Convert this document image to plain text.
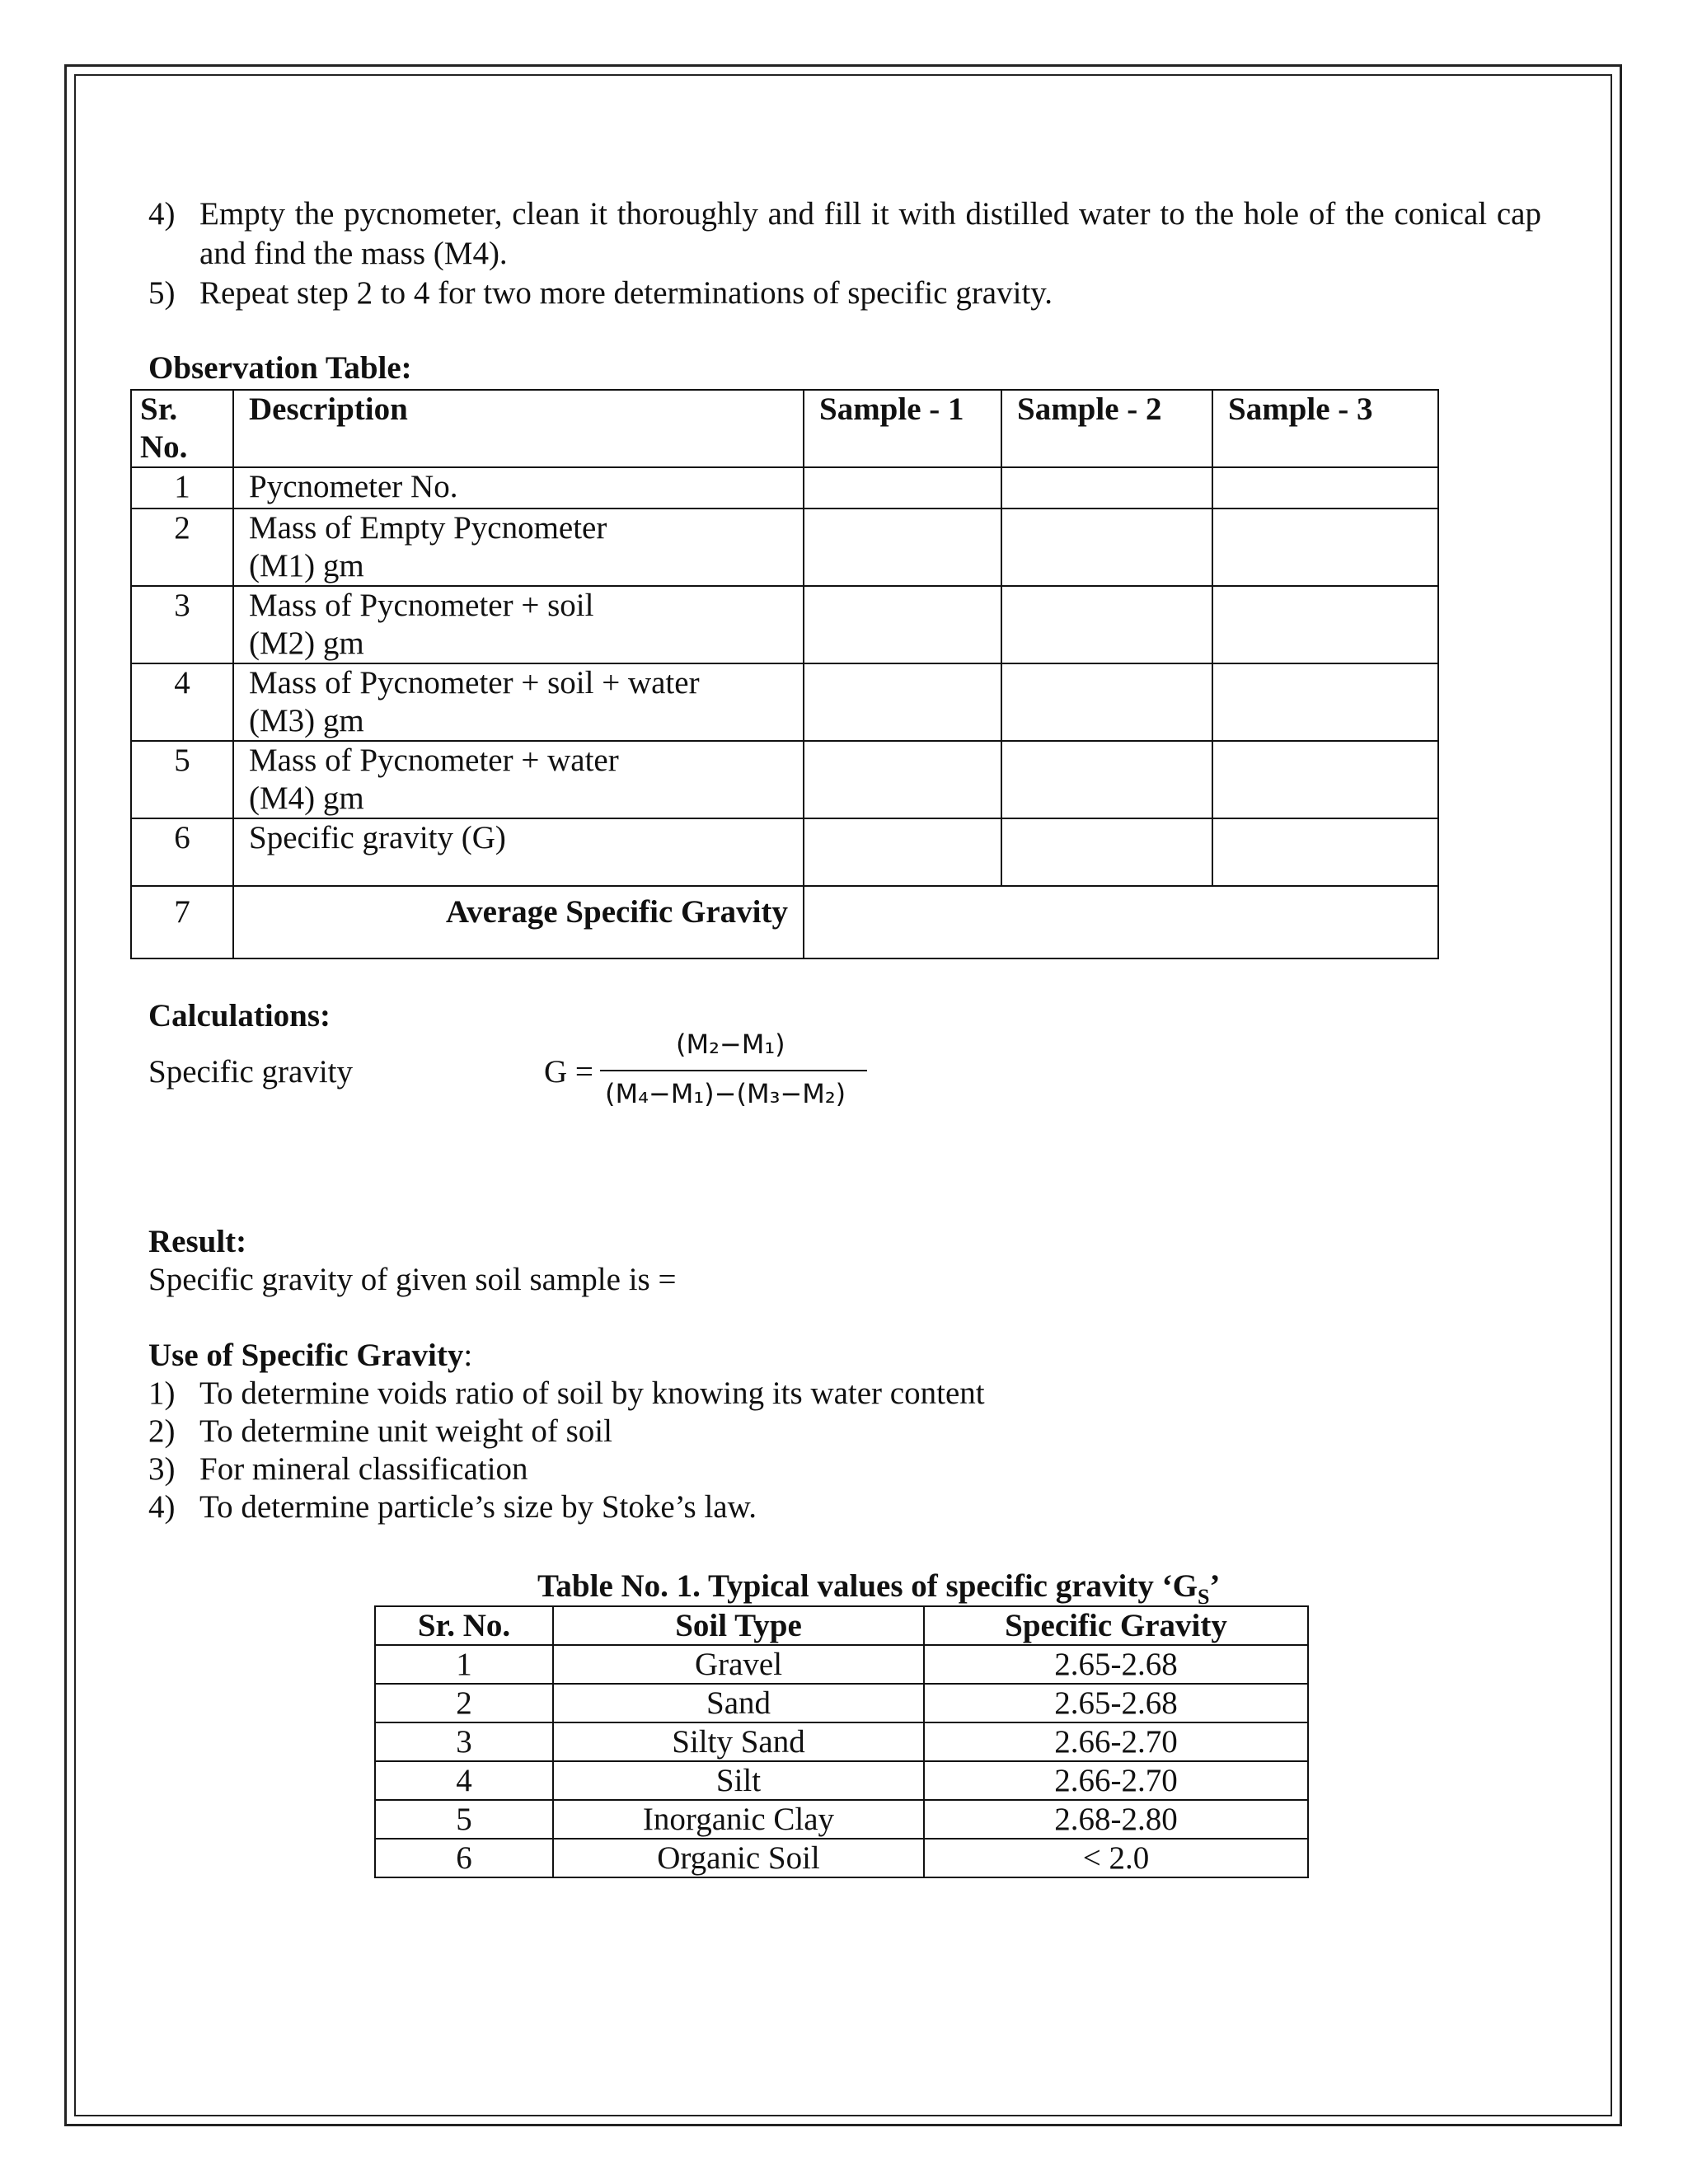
4) Empty the pycnometer, clean it thoroughly and fill it with distilled water to the hole of the conical cap and find the mass (M4).
5) Repeat step 2 to 4 for two more determinations of specific gravity.
Observation Table:
Sr. No.	Description	Sample - 1	Sample - 2	Sample - 3
1	Pycnometer No.			
2	Mass of Empty Pycnometer
(M1) gm			

3	Mass of Pycnometer + soil
(M2) gm			

4	Mass of Pycnometer + soil + water
(M3) gm			

5	Mass of Pycnometer + water
(M4) gm			

6	Specific gravity (G)			
7	Average Specific Gravity			
Calculations:
Specific gravity	G =
(M₂−M₁)
(M₄−M₁)−(M₃−M₂)
Result:
Specific gravity of given soil sample is =
Use of Specific Gravity:
1) To determine voids ratio of soil by knowing its water content
2) To determine unit weight of soil
3) For mineral classification
4) To determine particle’s size by Stoke’s law.
Table No. 1. Typical values of specific gravity ‘$G_S$’
Sr. No.	Soil Type	Specific Gravity
1	Gravel	2.65-2.68
2	Sand	2.65-2.68
3	Silty Sand	2.66-2.70
4	Silt	2.66-2.70
5	Inorganic Clay	2.68-2.80
6	Organic Soil	< 2.0
